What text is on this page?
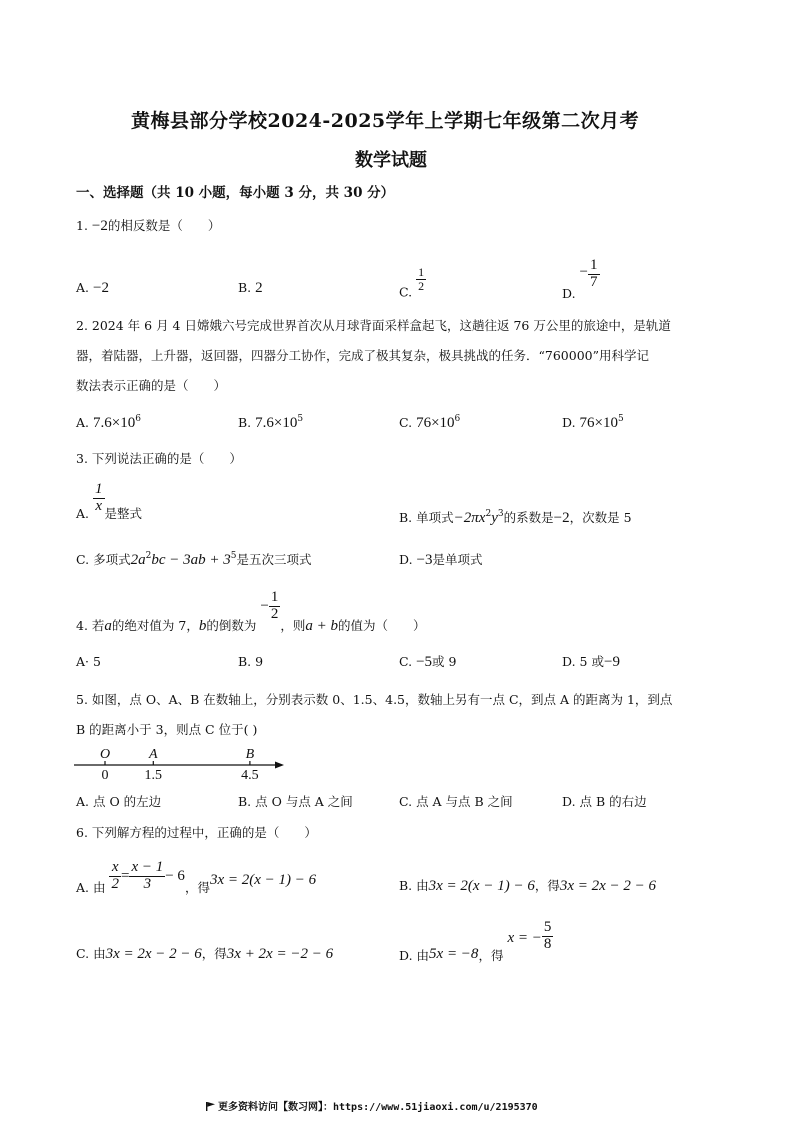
黄梅县部分学校2024-2025学年上学期七年级第二次月考
数学试题
一、选择题（共 10 小题，每小题 3 分，共 30 分）
1. −2的相反数是（　　）
A. −2	B. 2	C. $\frac{1}{2}$
D. − $\frac{1}{7}$
2. 2024 年 6 月 4 日嫦娥六号完成世界首次从月球背面采样盒起飞，这趟往返 76 万公里的旅途中，是轨道
器，着陆器，上升器，返回器，四器分工协作，完成了极其复杂，极具挑战的任务．“760000”用科学记
数法表示正确的是（　　）
A. $7.6\times 10^6$	B. $7.6\times 10^5$	C. $76\times 10^6$	D. $76\times 10^5$
3. 下列说法正确的是（　　）
A. $\frac{1}{x}$ 是整式	B. 单项式$-2\pi x^2y^3$的系数是−2，次数是 5
C. 多项式$2a^2bc - 3ab + 3^5$是五次三项式	D. −3是单项式
4. 若a的绝对值为 7，b的倒数为 − $\frac{1}{2}$
，则a + b的值为（　　）
A· 5	B. 9	C. −5或 9	D. 5 或−9
5. 如图，点 O、A、B 在数轴上，分别表示数 0、1.5、4.5，数轴上另有一点 C，到点 A 的距离为 1，到点
B 的距离小于 3，则点 C 位于( )
O
0
A
1.5
B
4.5
A. 点 O 的左边	B. 点 O 与点 A 之间	C. 点 A 与点 B 之间	D. 点 B 的右边
6. 下列解方程的过程中，正确的是（　　）
A. 由 $\frac{x}{2} = \frac{x - 1}{3} - 6$，得3x = 2(x − 1) − 6	B. 由3x = 2(x − 1) − 6，得3x = 2x − 2 − 6
C. 由3x = 2x − 2 − 6，得3x + 2x = −2 − 6	D. 由5x = −8，得 x = − $\frac{5}{8}$
更多资料访问【数习网】：https://www.51jiaoxi.com/u/2195370
